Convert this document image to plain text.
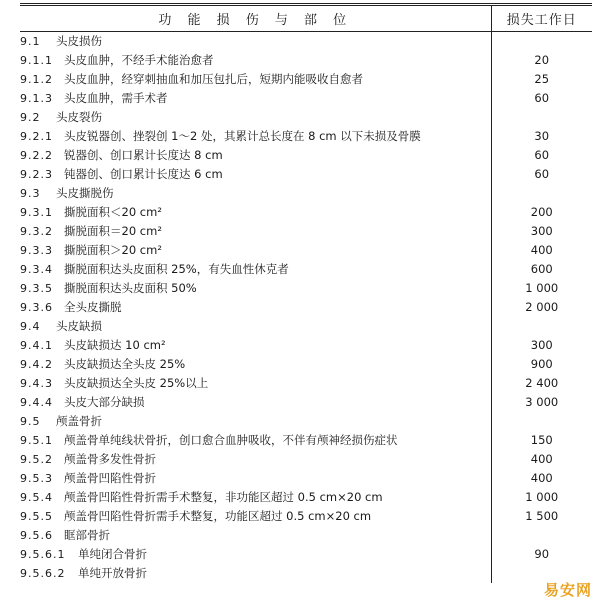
功 能 损 伤 与 部 位	损失工作日
9.1 头皮损伤	
9.1.1 头皮血肿，不经手术能治愈者	20
9.1.2 头皮血肿，经穿刺抽血和加压包扎后，短期内能吸收自愈者	25
9.1.3 头皮血肿，需手术者	60
9.2 头皮裂伤	
9.2.1 头皮锐器创、挫裂创 1～2 处，其累计总长度在 8 cm 以下未损及骨膜	30
9.2.2 锐器创、创口累计长度达 8 cm	60
9.2.3 钝器创、创口累计长度达 6 cm	60
9.3 头皮撕脱伤	
9.3.1 撕脱面积＜20 cm²	200
9.3.2 撕脱面积＝20 cm²	300
9.3.3 撕脱面积＞20 cm²	400
9.3.4 撕脱面积达头皮面积 25%，有失血性休克者	600
9.3.5 撕脱面积达头皮面积 50%	1 000
9.3.6 全头皮撕脱	2 000
9.4 头皮缺损	
9.4.1 头皮缺损达 10 cm²	300
9.4.2 头皮缺损达全头皮 25%	900
9.4.3 头皮缺损达全头皮 25%以上	2 400
9.4.4 头皮大部分缺损	3 000
9.5 颅盖骨折	
9.5.1 颅盖骨单纯线状骨折，创口愈合血肿吸收，不伴有颅神经损伤症状	150
9.5.2 颅盖骨多发性骨折	400
9.5.3 颅盖骨凹陷性骨折	400
9.5.4 颅盖骨凹陷性骨折需手术整复，非功能区超过 0.5 cm×20 cm	1 000
9.5.5 颅盖骨凹陷性骨折需手术整复，功能区超过 0.5 cm×20 cm	1 500
9.5.6 眶部骨折	
9.5.6.1 单纯闭合骨折	90
9.5.6.2 单纯开放骨折	
易安网
